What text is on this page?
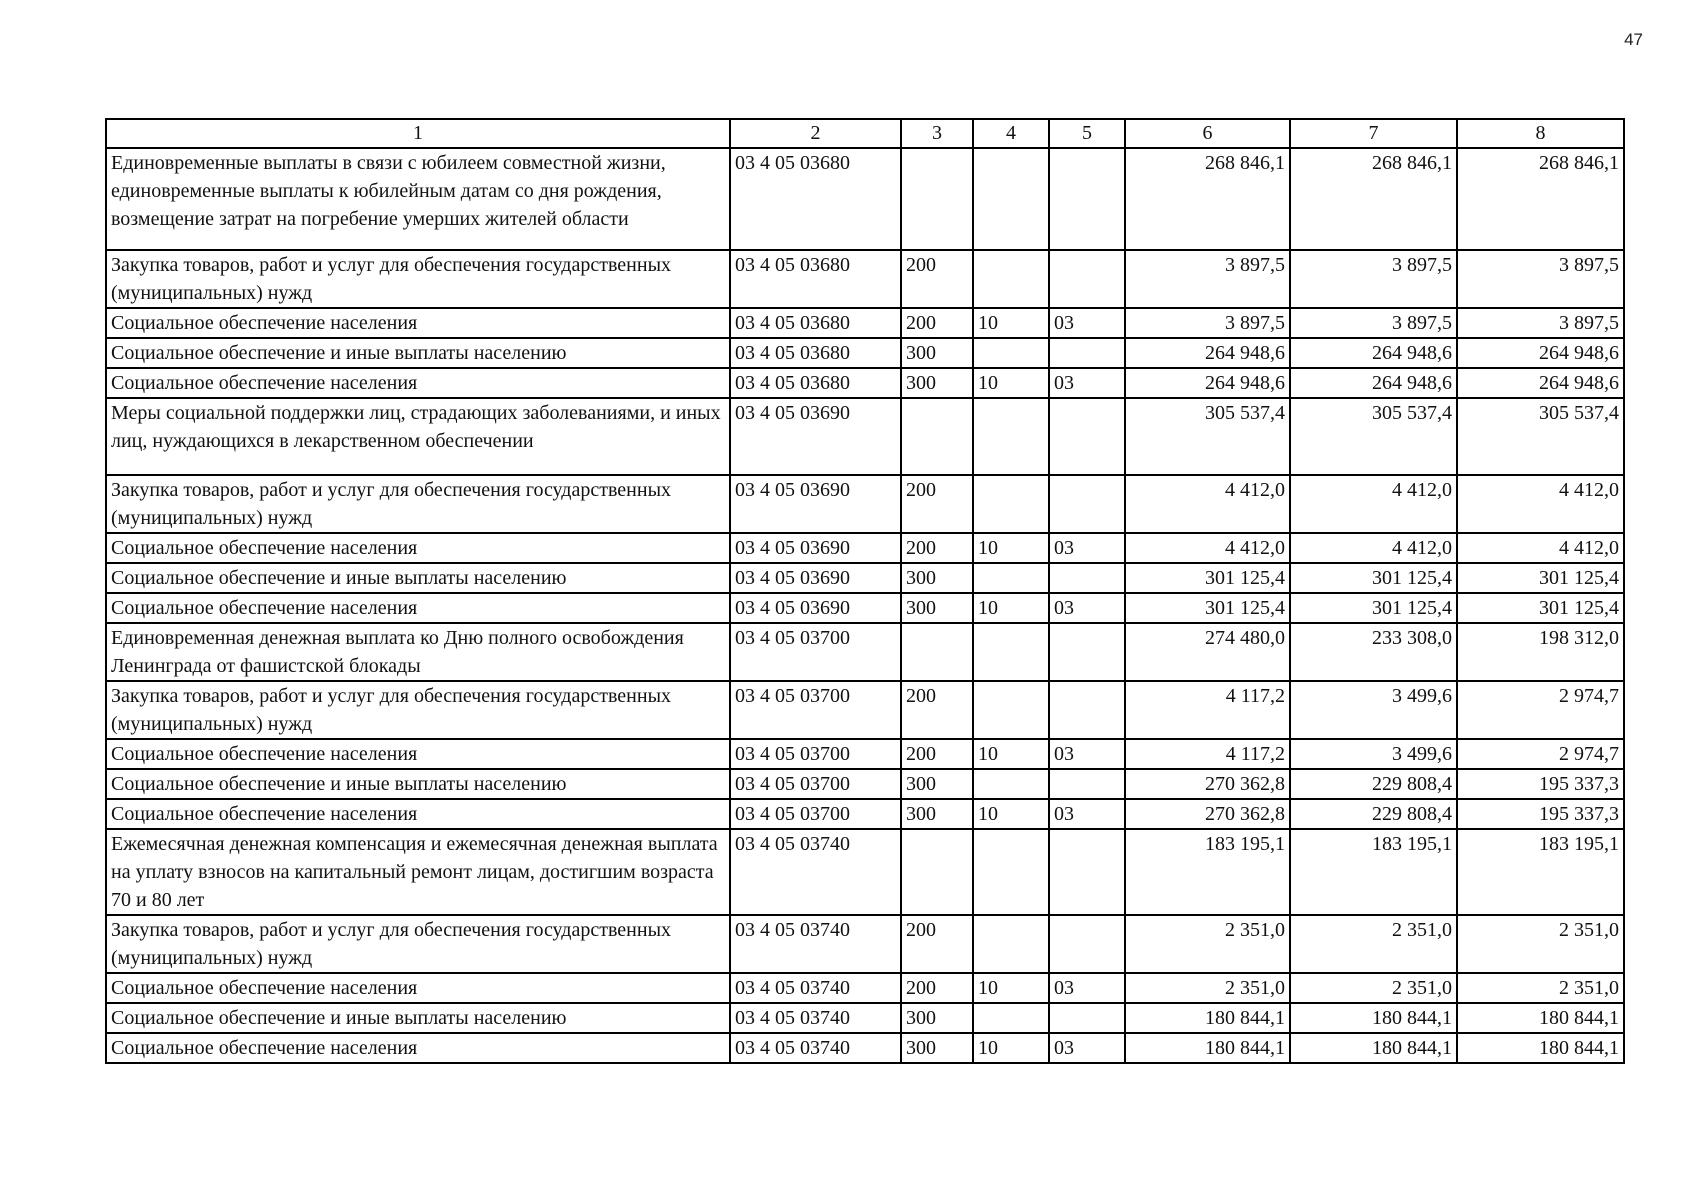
47
1	2	3	4	5	6	7	8
Единовременные выплаты в связи с юбилеем совместной жизни, единовременные выплаты к юбилейным датам со дня рождения, возмещение затрат на погребение умерших жителей области	03 4 05 03680				268 846,1	268 846,1	268 846,1
Закупка товаров, работ и услуг для обеспечения государственных (муниципальных) нужд	03 4 05 03680	200			3 897,5	3 897,5	3 897,5
Социальное обеспечение населения	03 4 05 03680	200	10	03	3 897,5	3 897,5	3 897,5
Социальное обеспечение и иные выплаты населению	03 4 05 03680	300			264 948,6	264 948,6	264 948,6
Социальное обеспечение населения	03 4 05 03680	300	10	03	264 948,6	264 948,6	264 948,6
Меры социальной поддержки лиц, страдающих заболеваниями, и иных лиц, нуждающихся в лекарственном обеспечении	03 4 05 03690				305 537,4	305 537,4	305 537,4
Закупка товаров, работ и услуг для обеспечения государственных (муниципальных) нужд	03 4 05 03690	200			4 412,0	4 412,0	4 412,0
Социальное обеспечение населения	03 4 05 03690	200	10	03	4 412,0	4 412,0	4 412,0
Социальное обеспечение и иные выплаты населению	03 4 05 03690	300			301 125,4	301 125,4	301 125,4
Социальное обеспечение населения	03 4 05 03690	300	10	03	301 125,4	301 125,4	301 125,4
Единовременная денежная выплата ко Дню полного освобождения Ленинграда от фашистской блокады	03 4 05 03700				274 480,0	233 308,0	198 312,0
Закупка товаров, работ и услуг для обеспечения государственных (муниципальных) нужд	03 4 05 03700	200			4 117,2	3 499,6	2 974,7
Социальное обеспечение населения	03 4 05 03700	200	10	03	4 117,2	3 499,6	2 974,7
Социальное обеспечение и иные выплаты населению	03 4 05 03700	300			270 362,8	229 808,4	195 337,3
Социальное обеспечение населения	03 4 05 03700	300	10	03	270 362,8	229 808,4	195 337,3
Ежемесячная денежная компенсация и ежемесячная денежная выплата на уплату взносов на капитальный ремонт лицам, достигшим возраста 70 и 80 лет	03 4 05 03740				183 195,1	183 195,1	183 195,1
Закупка товаров, работ и услуг для обеспечения государственных (муниципальных) нужд	03 4 05 03740	200			2 351,0	2 351,0	2 351,0
Социальное обеспечение населения	03 4 05 03740	200	10	03	2 351,0	2 351,0	2 351,0
Социальное обеспечение и иные выплаты населению	03 4 05 03740	300			180 844,1	180 844,1	180 844,1
Социальное обеспечение населения	03 4 05 03740	300	10	03	180 844,1	180 844,1	180 844,1
